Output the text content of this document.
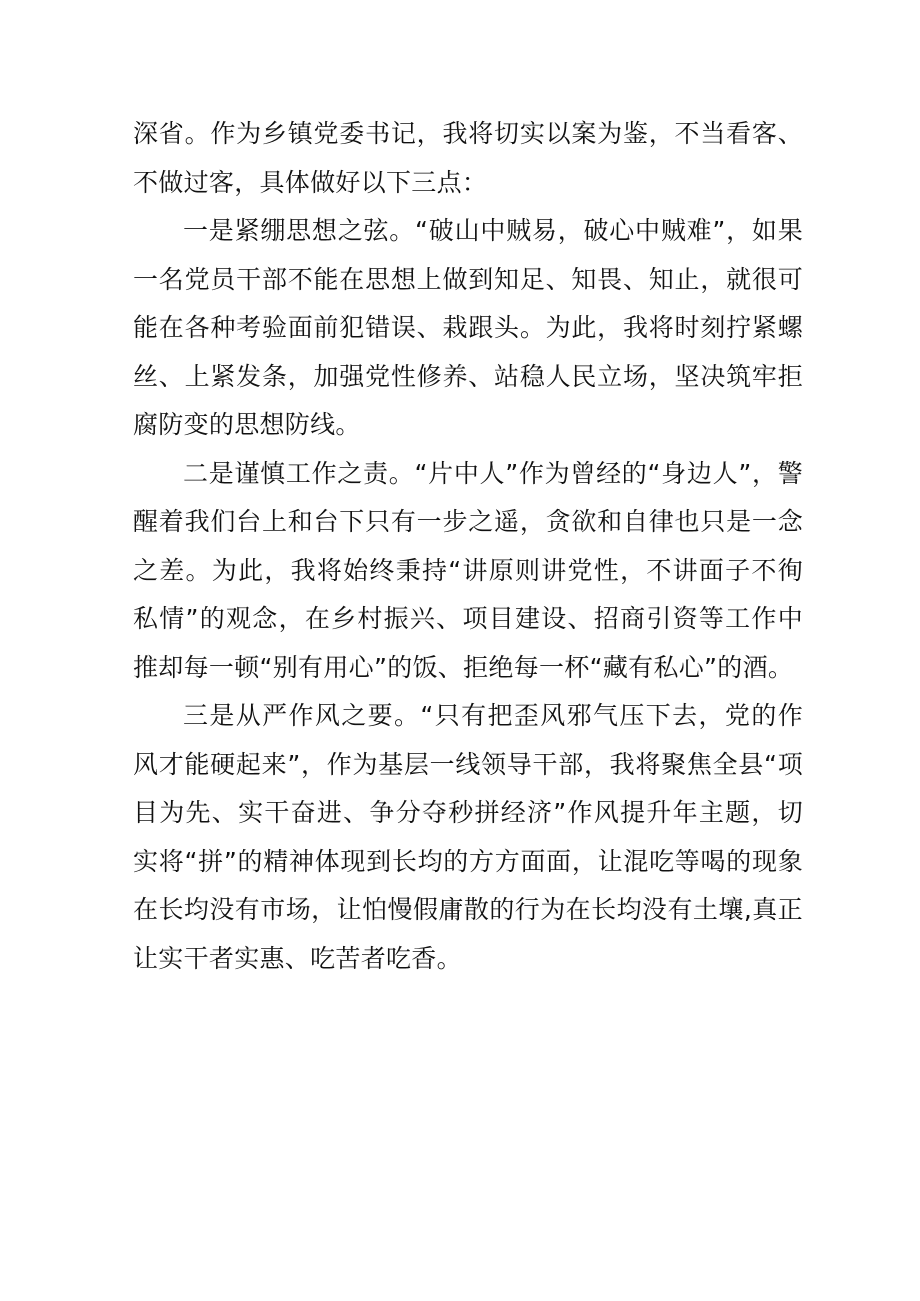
深省。作为乡镇党委书记，我将切实以案为鉴，不当看客、不做过客，具体做好以下三点：

一是紧绷思想之弦。“破山中贼易，破心中贼难”，如果一名党员干部不能在思想上做到知足、知畏、知止，就很可能在各种考验面前犯错误、栽跟头。为此，我将时刻拧紧螺丝、上紧发条，加强党性修养、站稳人民立场，坚决筑牢拒腐防变的思想防线。

二是谨慎工作之责。“片中人”作为曾经的“身边人”，警醒着我们台上和台下只有一步之遥，贪欲和自律也只是一念之差。为此，我将始终秉持“讲原则讲党性，不讲面子不徇私情”的观念，在乡村振兴、项目建设、招商引资等工作中推却每一顿“别有用心”的饭、拒绝每一杯“藏有私心”的酒。

三是从严作风之要。“只有把歪风邪气压下去，党的作风才能硬起来”，作为基层一线领导干部，我将聚焦全县“项目为先、实干奋进、争分夺秒拼经济”作风提升年主题，切实将“拼”的精神体现到长均的方方面面，让混吃等喝的现象在长均没有市场，让怕慢假庸散的行为在长均没有土壤,真正让实干者实惠、吃苦者吃香。
